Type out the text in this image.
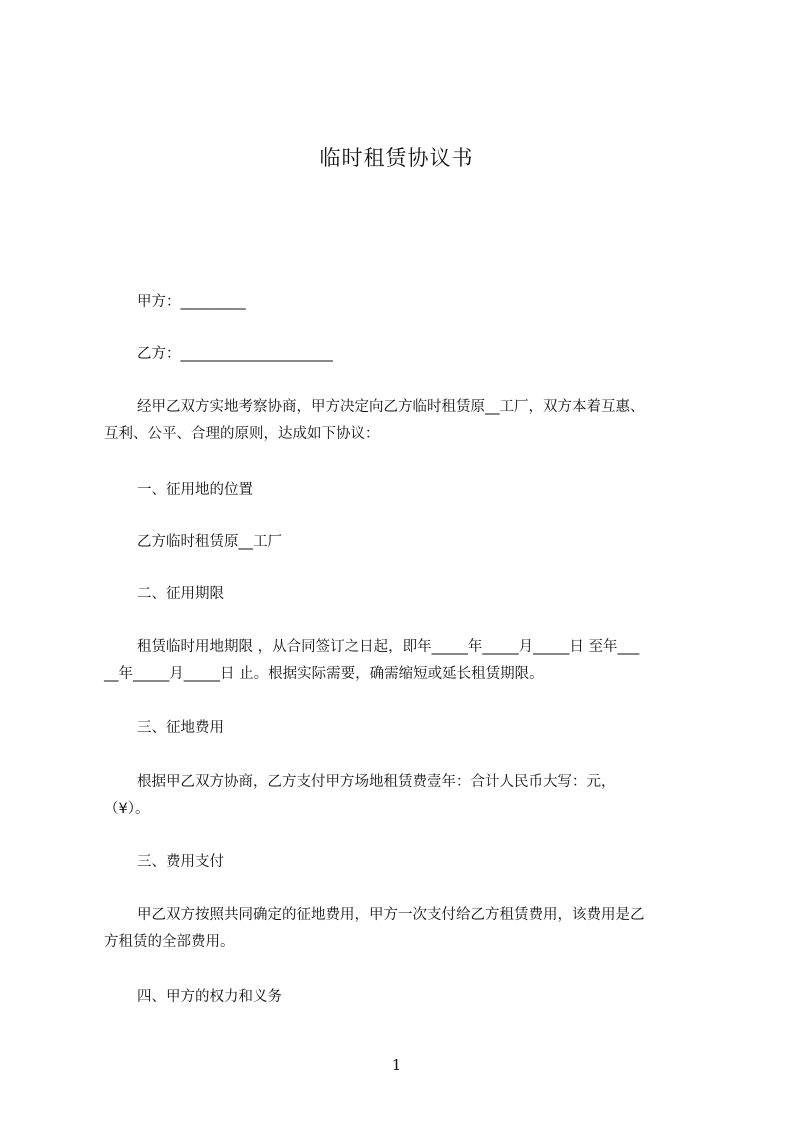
临时租赁协议书
甲方：_________
乙方：_____________________
经甲乙双方实地考察协商，甲方决定向乙方临时租赁原__工厂，双方本着互惠、
互利、公平、合理的原则，达成如下协议：
一、征用地的位置
乙方临时租赁原__工厂
二、征用期限
租赁临时用地期限 ，从合同签订之日起，即年_____年_____月_____日 至年___
__年_____月_____日 止。根据实际需要，确需缩短或延长租赁期限。
三、征地费用
根据甲乙双方协商，乙方支付甲方场地租赁费壹年：合计人民币大写：元，
（¥）。
三、费用支付
甲乙双方按照共同确定的征地费用，甲方一次支付给乙方租赁费用，该费用是乙
方租赁的全部费用。
四、甲方的权力和义务
1
